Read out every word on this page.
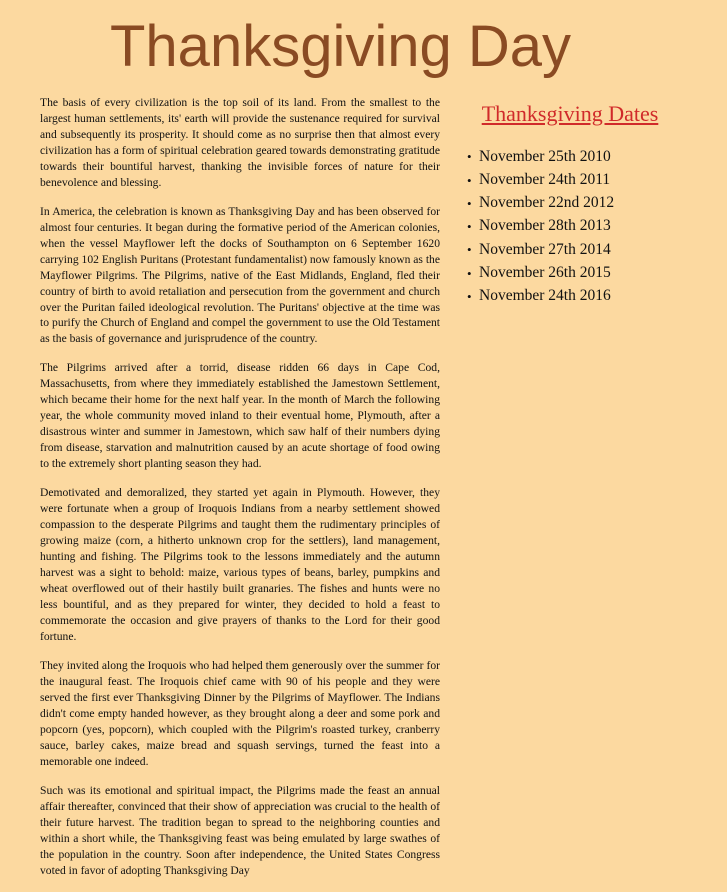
Thanksgiving Day

The basis of every civilization is the top soil of its land. From the smallest to the largest human settlements, its' earth will provide the sustenance required for survival and subsequently its prosperity. It should come as no surprise then that almost every civilization has a form of spiritual celebration geared towards demonstrating gratitude towards their bountiful harvest, thanking the invisible forces of nature for their benevolence and blessing.

In America, the celebration is known as Thanksgiving Day and has been observed for almost four centuries. It began during the formative period of the American colonies, when the vessel Mayflower left the docks of Southampton on 6 September 1620 carrying 102 English Puritans (Protestant fundamentalist) now famously known as the Mayflower Pilgrims. The Pilgrims, native of the East Midlands, England, fled their country of birth to avoid retaliation and persecution from the government and church over the Puritan failed ideological revolution. The Puritans' objective at the time was to purify the Church of England and compel the government to use the Old Testament as the basis of governance and jurisprudence of the country.

The Pilgrims arrived after a torrid, disease ridden 66 days in Cape Cod, Massachusetts, from where they immediately established the Jamestown Settlement, which became their home for the next half year. In the month of March the following year, the whole community moved inland to their eventual home, Plymouth, after a disastrous winter and summer in Jamestown, which saw half of their numbers dying from disease, starvation and malnutrition caused by an acute shortage of food owing to the extremely short planting season they had.

Demotivated and demoralized, they started yet again in Plymouth. However, they were fortunate when a group of Iroquois Indians from a nearby settlement showed compassion to the desperate Pilgrims and taught them the rudimentary principles of growing maize (corn, a hitherto unknown crop for the settlers), land management, hunting and fishing. The Pilgrims took to the lessons immediately and the autumn harvest was a sight to behold: maize, various types of beans, barley, pumpkins and wheat overflowed out of their hastily built granaries. The fishes and hunts were no less bountiful, and as they prepared for winter, they decided to hold a feast to commemorate the occasion and give prayers of thanks to the Lord for their good fortune.

They invited along the Iroquois who had helped them generously over the summer for the inaugural feast. The Iroquois chief came with 90 of his people and they were served the first ever Thanksgiving Dinner by the Pilgrims of Mayflower. The Indians didn't come empty handed however, as they brought along a deer and some pork and popcorn (yes, popcorn), which coupled with the Pilgrim's roasted turkey, cranberry sauce, barley cakes, maize bread and squash servings, turned the feast into a memorable one indeed.

Such was its emotional and spiritual impact, the Pilgrims made the feast an annual affair thereafter, convinced that their show of appreciation was crucial to the health of their future harvest. The tradition began to spread to the neighboring counties and within a short while, the Thanksgiving feast was being emulated by large swathes of the population in the country. Soon after independence, the United States Congress voted in favor of adopting Thanksgiving Day

Thanksgiving Dates
• November 25th 2010
• November 24th 2011
• November 22nd 2012
• November 28th 2013
• November 27th 2014
• November 26th 2015
• November 24th 2016
